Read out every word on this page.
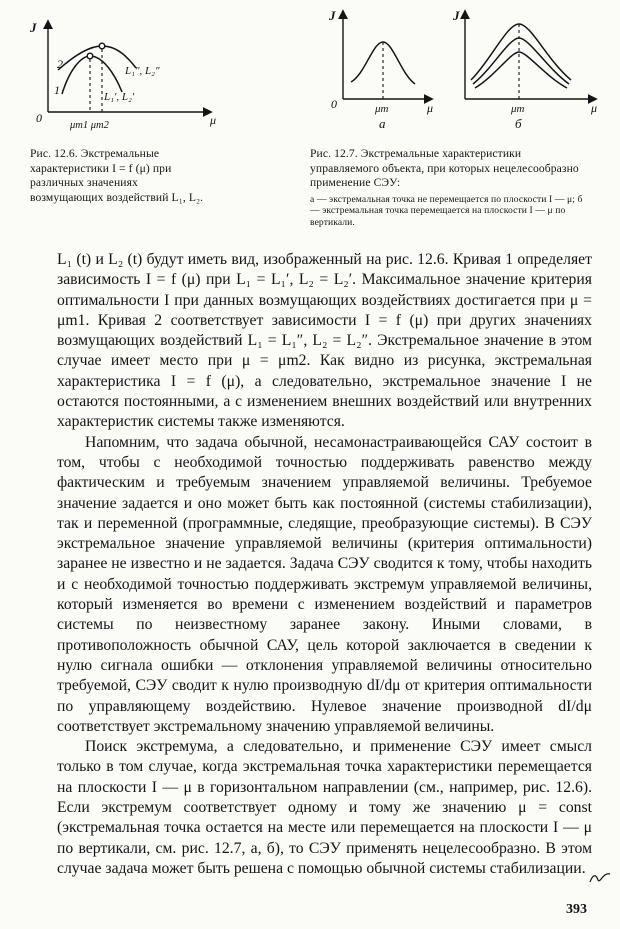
J
0	μ
1
2	L₁″, L₂″
L₁′, L₂′
μm1 μm2
Рис. 12.6. Экстремальные характеристики I = f (μ) при различных значениях возмущающих воздействий L₁, L₂.
J
0	μ
μm
а
J
μ
μm
б
Рис. 12.7. Экстремальные характеристики управляемого объекта, при которых нецелесообразно применение СЭУ:
а — экстремальная точка не перемещается по плоскости I — μ; б — экстремальная точка перемещается на плоскости I — μ по вертикали.

L₁ (t) и L₂ (t) будут иметь вид, изображенный на рис. 12.6. Кривая 1 определяет зависимость I = f (μ) при L₁ = L₁′, L₂ = L₂′. Максимальное значение критерия оптимальности I при данных возмущающих воздействиях достигается при μ = μm1. Кривая 2 соответствует зависимости I = f (μ) при других значениях возмущающих воздействий L₁ = L₁″, L₂ = L₂″. Экстремальное значение в этом случае имеет место при μ = μm2. Как видно из рисунка, экстремальная характеристика I = f (μ), а следовательно, экстремальное значение I не остаются постоянными, а с изменением внешних воздействий или внутренних характеристик системы также изменяются.

Напомним, что задача обычной, несамонастраивающейся САУ состоит в том, чтобы с необходимой точностью поддерживать равенство между фактическим и требуемым значением управляемой величины. Требуемое значение задается и оно может быть как постоянной (системы стабилизации), так и переменной (программные, следящие, преобразующие системы). В СЭУ экстремальное значение управляемой величины (критерия оптимальности) заранее не известно и не задается. Задача СЭУ сводится к тому, чтобы находить и с необходимой точностью поддерживать экстремум управляемой величины, который изменяется во времени с изменением воздействий и параметров системы по неизвестному заранее закону. Иными словами, в противоположность обычной САУ, цель которой заключается в сведении к нулю сигнала ошибки — отклонения управляемой величины относительно требуемой, СЭУ сводит к нулю производную dI/dμ от критерия оптимальности по управляющему воздействию. Нулевое значение производной dI/dμ соответствует экстремальному значению управляемой величины.

Поиск экстремума, а следовательно, и применение СЭУ имеет смысл только в том случае, когда экстремальная точка характеристики перемещается на плоскости I — μ в горизонтальном направлении (см., например, рис. 12.6). Если экстремум соответствует одному и тому же значению μ = const (экстремальная точка остается на месте или перемещается на плоскости I — μ по вертикали, см. рис. 12.7, а, б), то СЭУ применять нецелесообразно. В этом случае задача может быть решена с помощью обычной системы стабилизации.

393
